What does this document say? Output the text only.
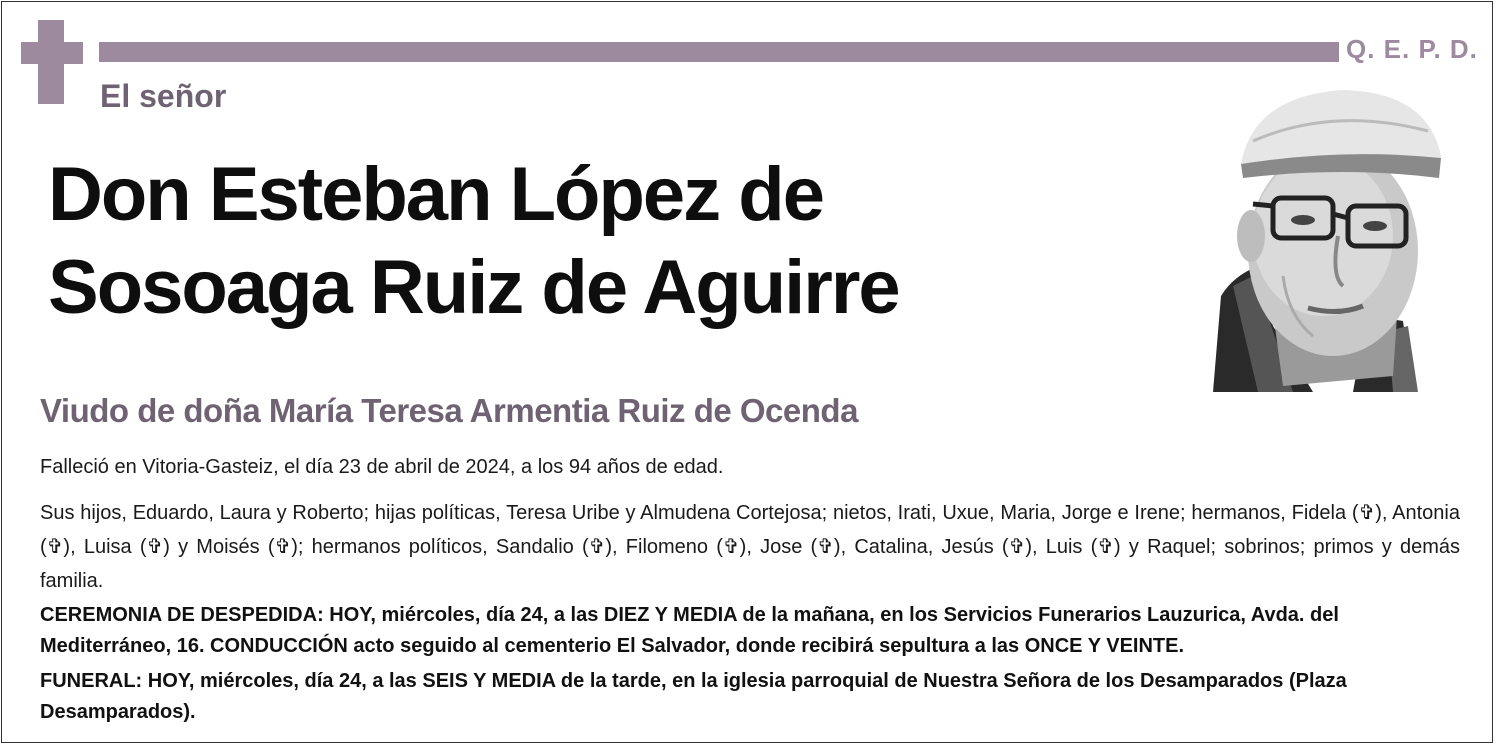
Q. E. P. D.
El señor
Don Esteban López de
Sosoaga Ruiz de Aguirre
Viudo de doña María Teresa Armentia Ruiz de Ocenda
Falleció en Vitoria-Gasteiz, el día 23 de abril de 2024, a los 94 años de edad.
Sus hijos, Eduardo, Laura y Roberto; hijas políticas, Teresa Uribe y Almudena Cortejosa; nietos, Irati, Uxue, Maria, Jorge e Irene; hermanos, Fidela (✞), Antonia (✞), Luisa (✞) y Moisés (✞); hermanos políticos, Sandalio (✞), Filomeno (✞), Jose (✞), Catalina, Jesús (✞), Luis (✞) y Raquel; sobrinos; primos y demás familia.
CEREMONIA DE DESPEDIDA: HOY, miércoles, día 24, a las DIEZ Y MEDIA de la mañana, en los Servicios Funerarios Lauzurica, Avda. del Mediterráneo, 16. CONDUCCIÓN acto seguido al cementerio El Salvador, donde recibirá sepultura a las ONCE Y VEINTE.
FUNERAL: HOY, miércoles, día 24, a las SEIS Y MEDIA de la tarde, en la iglesia parroquial de Nuestra Señora de los Desamparados (Plaza Desamparados).
